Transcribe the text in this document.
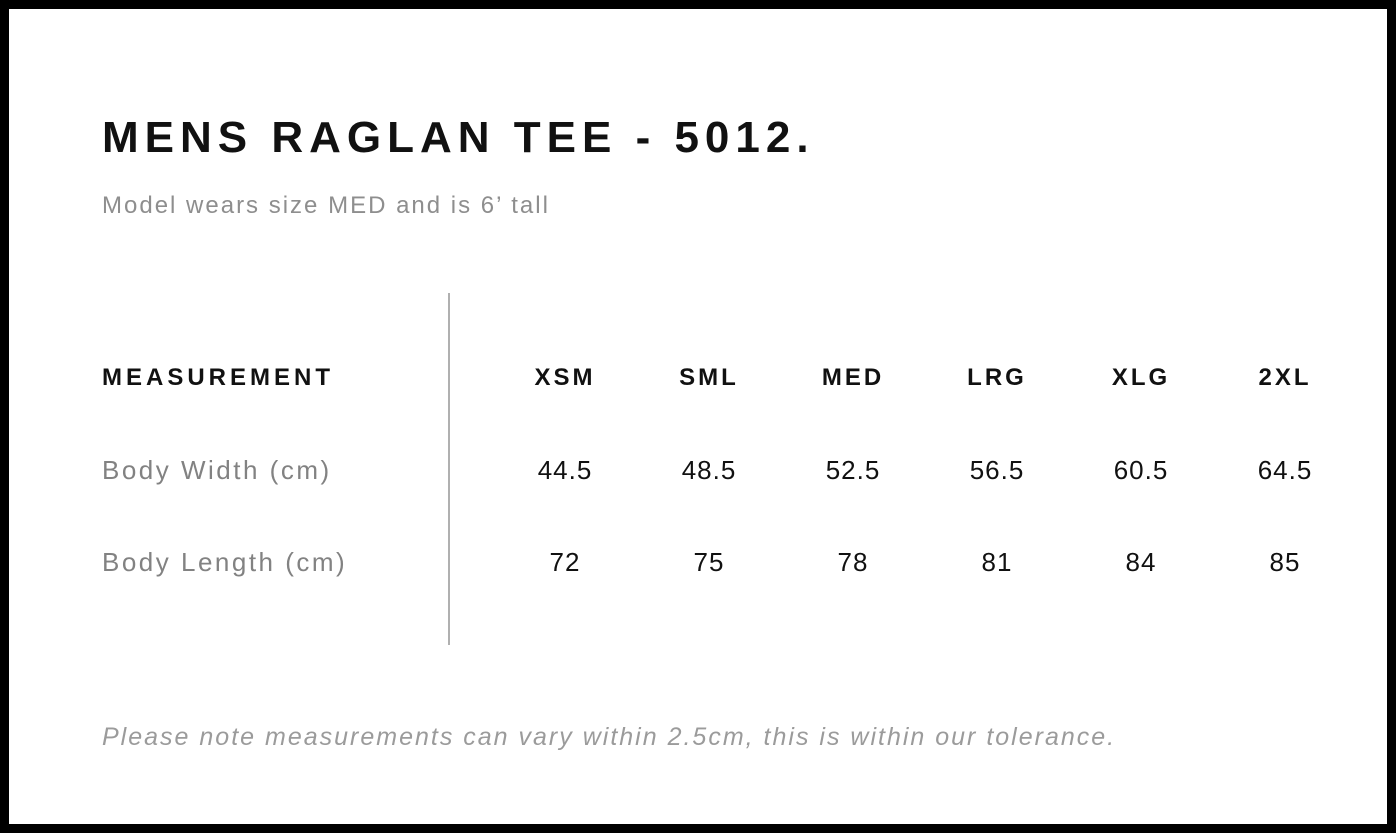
MENS RAGLAN TEE - 5012.
Model wears size MED and is 6’ tall
MEASUREMENT	XSM	SML	MED	LRG	XLG	2XL
Body Width (cm)	44.5	48.5	52.5	56.5	60.5	64.5
Body Length (cm)	72	75	78	81	84	85
Please note measurements can vary within 2.5cm, this is within our tolerance.
